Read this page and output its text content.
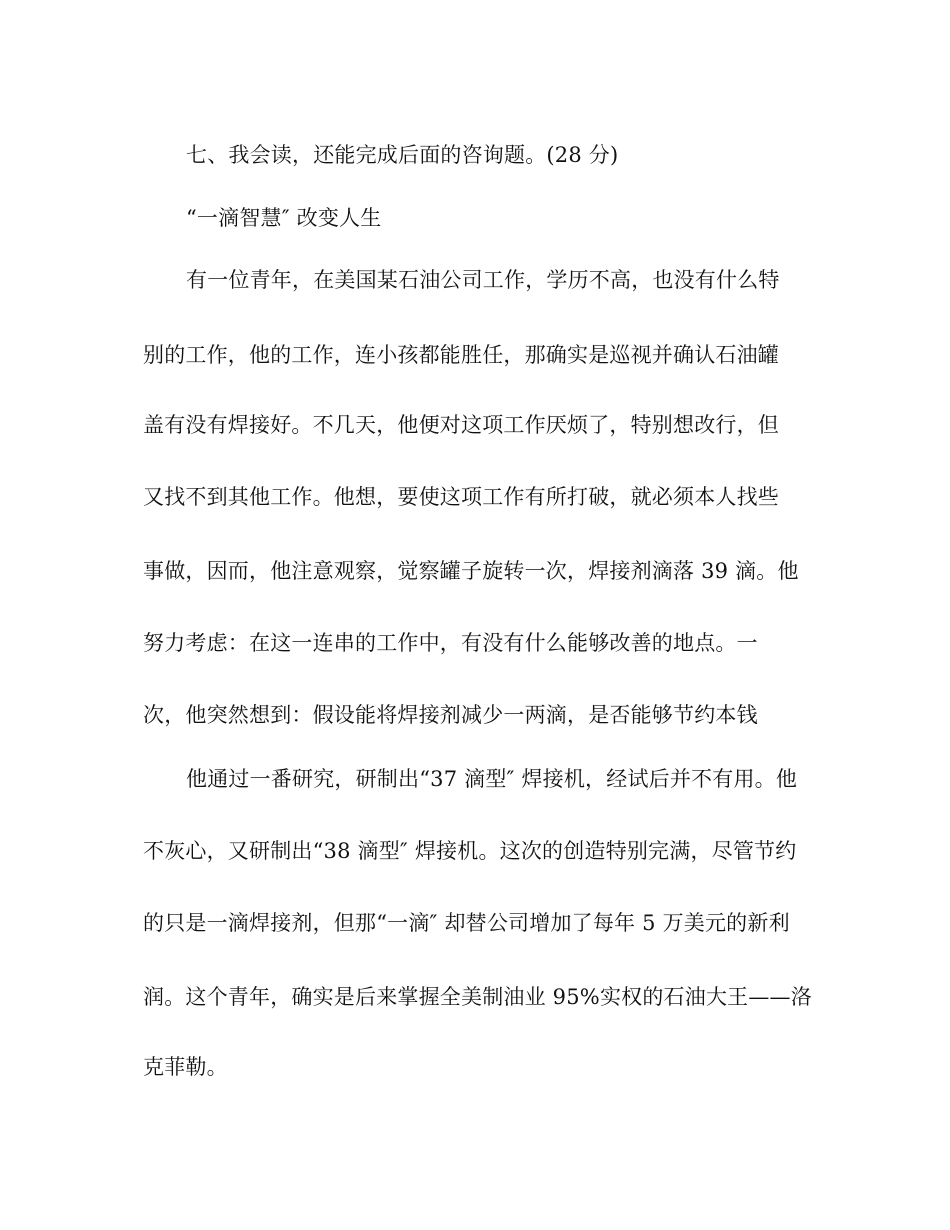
七、我会读，还能完成后面的咨询题。(28 分)
“一滴智慧″ 改变人生
有一位青年，在美国某石油公司工作，学历不高，也没有什么特
别的工作，他的工作，连小孩都能胜任，那确实是巡视并确认石油罐
盖有没有焊接好。不几天，他便对这项工作厌烦了，特别想改行，但
又找不到其他工作。他想，要使这项工作有所打破，就必须本人找些
事做，因而，他注意观察，觉察罐子旋转一次，焊接剂滴落 39 滴。他
努力考虑：在这一连串的工作中，有没有什么能够改善的地点。一
次，他突然想到：假设能将焊接剂减少一两滴，是否能够节约本钱
他通过一番研究，研制出“37 滴型″ 焊接机，经试后并不有用。他
不灰心，又研制出“38 滴型″ 焊接机。这次的创造特别完满，尽管节约
的只是一滴焊接剂，但那“一滴″ 却替公司增加了每年 5 万美元的新利
润。这个青年，确实是后来掌握全美制油业 95%实权的石油大王——洛
克菲勒。
